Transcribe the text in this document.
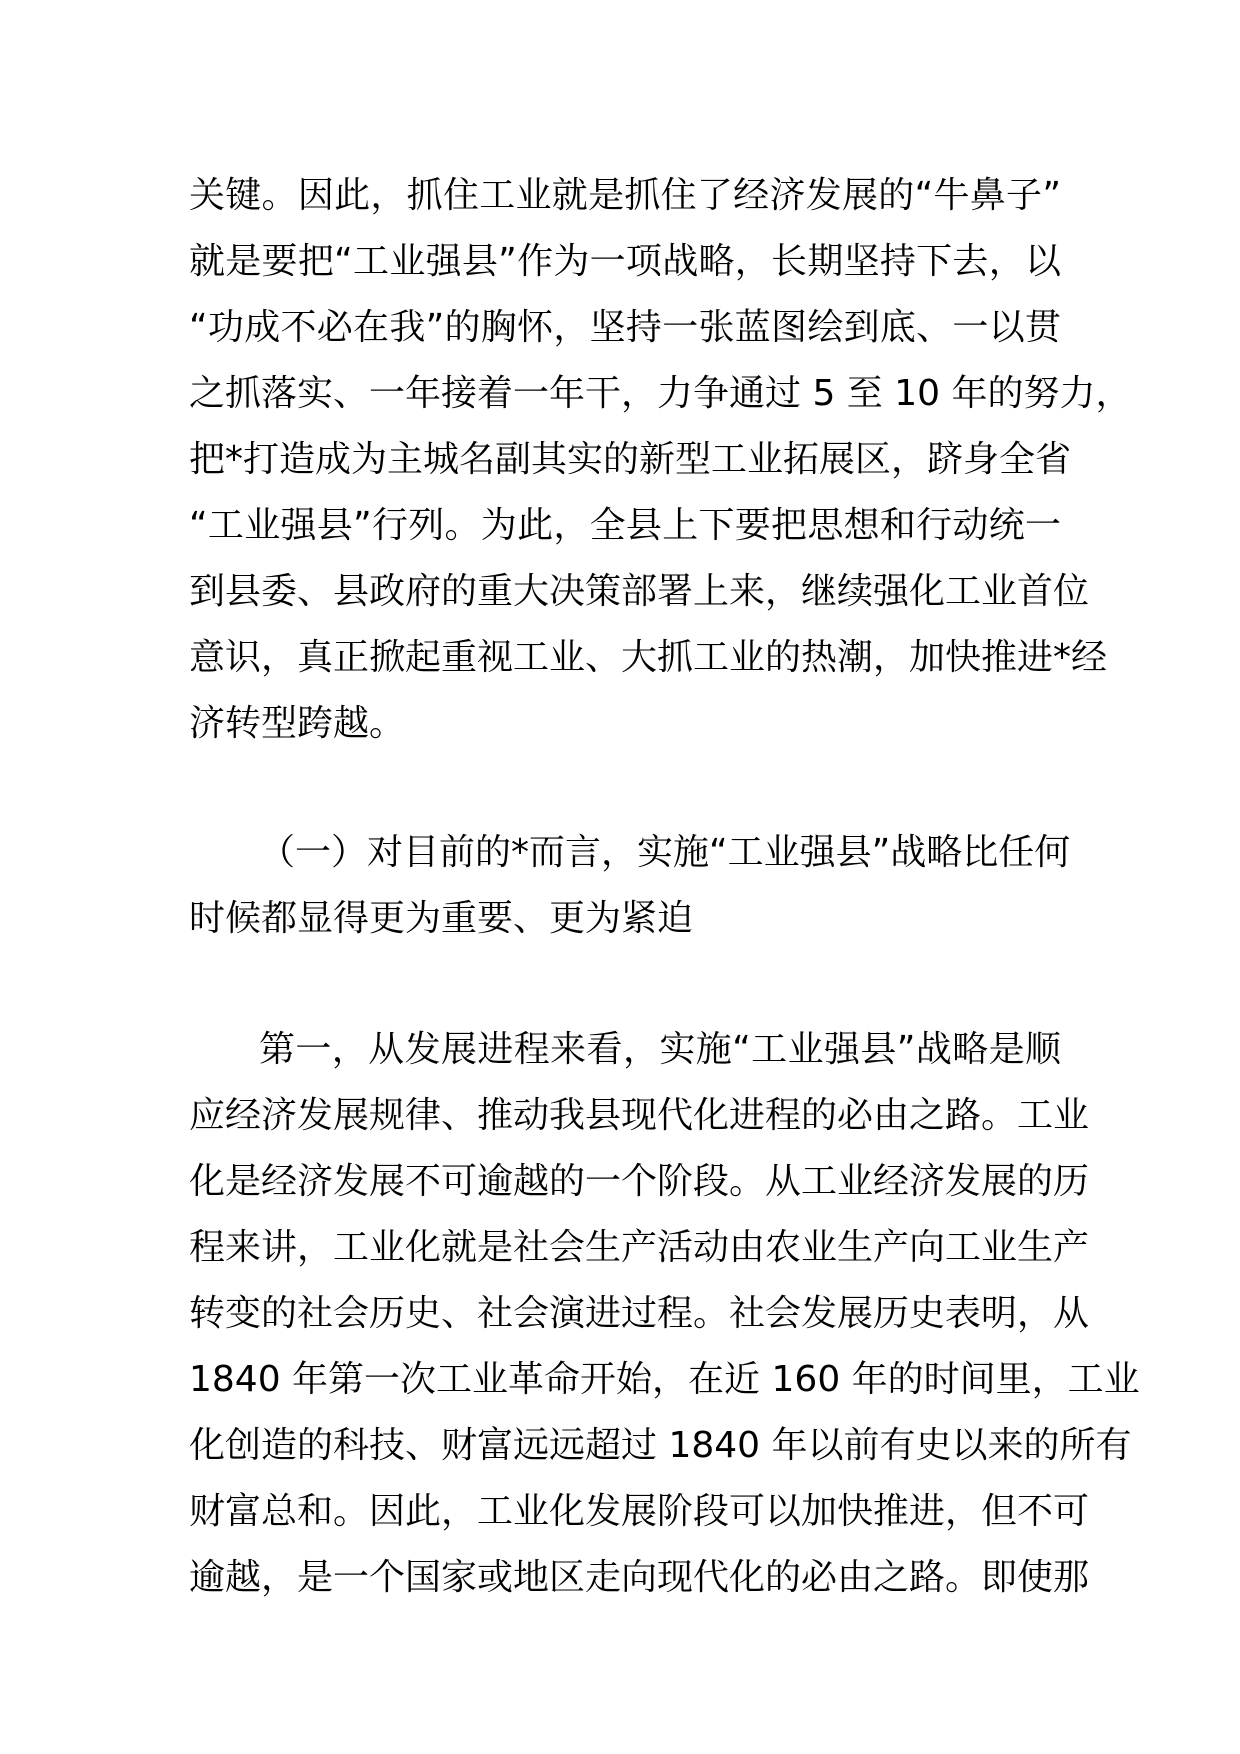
关键。因此，抓住工业就是抓住了经济发展的“牛鼻子”
就是要把“工业强县”作为一项战略，长期坚持下去，以
“功成不必在我”的胸怀，坚持一张蓝图绘到底、一以贯
之抓落实、一年接着一年干，力争通过 5 至 10 年的努力，
把*打造成为主城名副其实的新型工业拓展区，跻身全省
“工业强县”行列。为此，全县上下要把思想和行动统一
到县委、县政府的重大决策部署上来，继续强化工业首位
意识，真正掀起重视工业、大抓工业的热潮，加快推进*经
济转型跨越。
（一）对目前的*而言，实施“工业强县”战略比任何
时候都显得更为重要、更为紧迫
第一，从发展进程来看，实施“工业强县”战略是顺
应经济发展规律、推动我县现代化进程的必由之路。工业
化是经济发展不可逾越的一个阶段。从工业经济发展的历
程来讲，工业化就是社会生产活动由农业生产向工业生产
转变的社会历史、社会演进过程。社会发展历史表明，从
1840 年第一次工业革命开始，在近 160 年的时间里，工业
化创造的科技、财富远远超过 1840 年以前有史以来的所有
财富总和。因此，工业化发展阶段可以加快推进，但不可
逾越，是一个国家或地区走向现代化的必由之路。即使那
